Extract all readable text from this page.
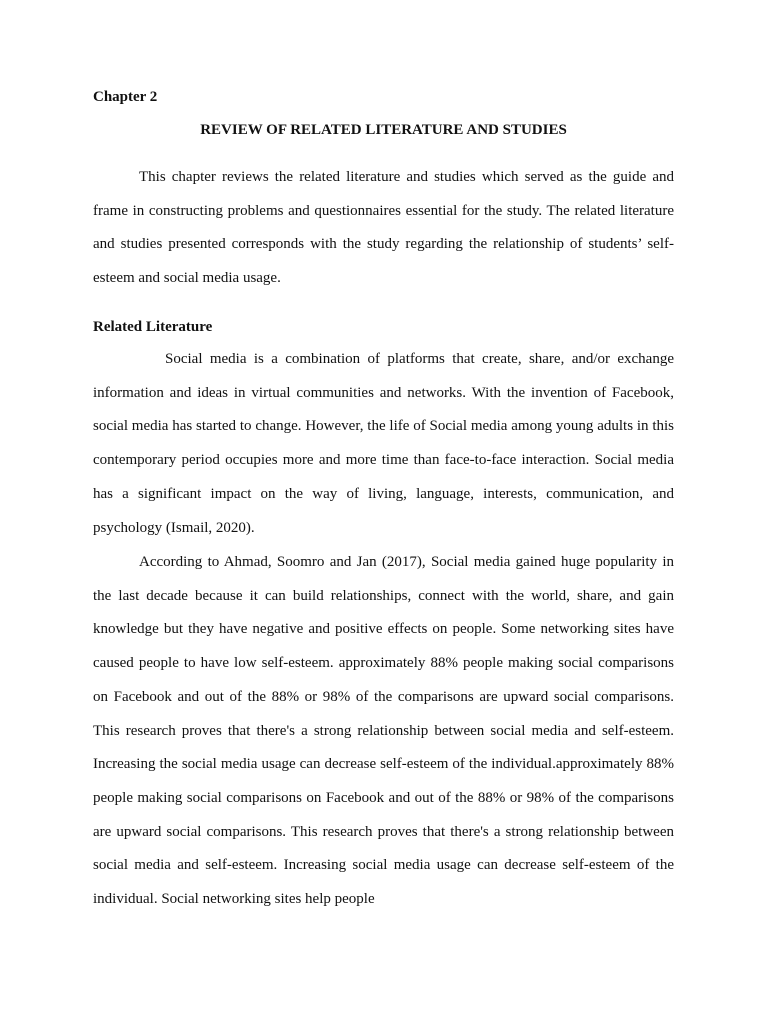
Chapter 2

REVIEW OF RELATED LITERATURE AND STUDIES

This chapter reviews the related literature and studies which served as the guide and frame in constructing problems and questionnaires essential for the study. The related literature and studies presented corresponds with the study regarding the relationship of students’ self-esteem and social media usage.

Related Literature

Social media is a combination of platforms that create, share, and/or exchange information and ideas in virtual communities and networks. With the invention of Facebook, social media has started to change. However, the life of Social media among young adults in this contemporary period occupies more and more time than face-to-face interaction. Social media has a significant impact on the way of living, language, interests, communication, and psychology (Ismail, 2020).

According to Ahmad, Soomro and Jan (2017), Social media gained huge popularity in the last decade because it can build relationships, connect with the world, share, and gain knowledge but they have negative and positive effects on people. Some networking sites have caused people to have low self-esteem. approximately 88% people making social comparisons on Facebook and out of the 88% or 98% of the comparisons are upward social comparisons. This research proves that there's a strong relationship between social media and self-esteem. Increasing the social media usage can decrease self-esteem of the individual.approximately 88% people making social comparisons on Facebook and out of the 88% or 98% of the comparisons are upward social comparisons. This research proves that there's a strong relationship between social media and self-esteem. Increasing social media usage can decrease self-esteem of the individual. Social networking sites help people
